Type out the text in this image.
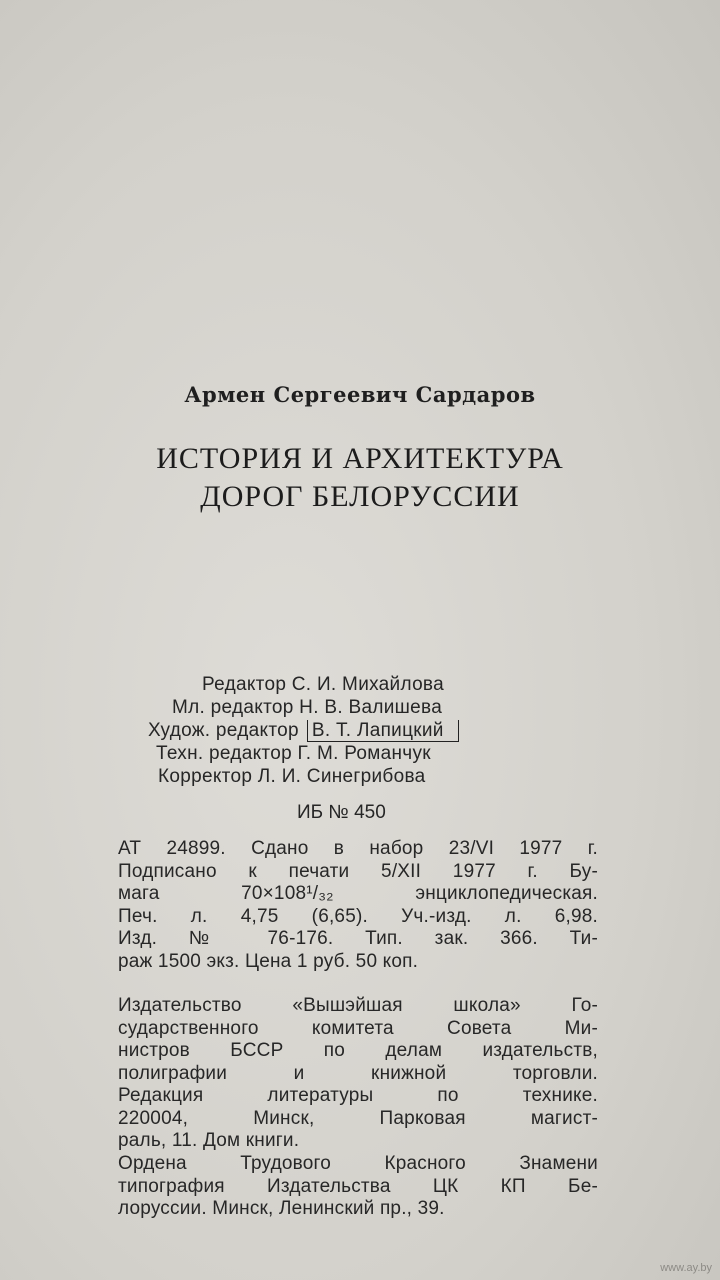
Армен Сергеевич Сардаров
ИСТОРИЯ И АРХИТЕКТУРА
ДОРОГ БЕЛОРУССИИ
Редактор С. И. Михайлова
Мл. редактор Н. В. Валишева
Худож. редактор В. Т. Лапицкий
Техн. редактор Г. М. Романчук
Корректор Л. И. Синегрибова
ИБ № 450
АТ 24899. Сдано в набор 23/VI 1977 г.
Подписано к печати 5/XII 1977 г. Бу-
мага 70×108¹/₃₂ энциклопедическая.
Печ. л. 4,75 (6,65). Уч.-изд. л. 6,98.
Изд. № 76-176. Тип. зак. 366. Ти-
раж 1500 экз. Цена 1 руб. 50 коп.
Издательство «Вышэйшая школа» Го-
сударственного комитета Совета Ми-
нистров БССР по делам издательств,
полиграфии и книжной торговли.
Редакция литературы по технике.
220004, Минск, Парковая магист-
раль, 11. Дом книги.
Ордена Трудового Красного Знамени
типография Издательства ЦК КП Бе-
лоруссии. Минск, Ленинский пр., 39.
www.ay.by
